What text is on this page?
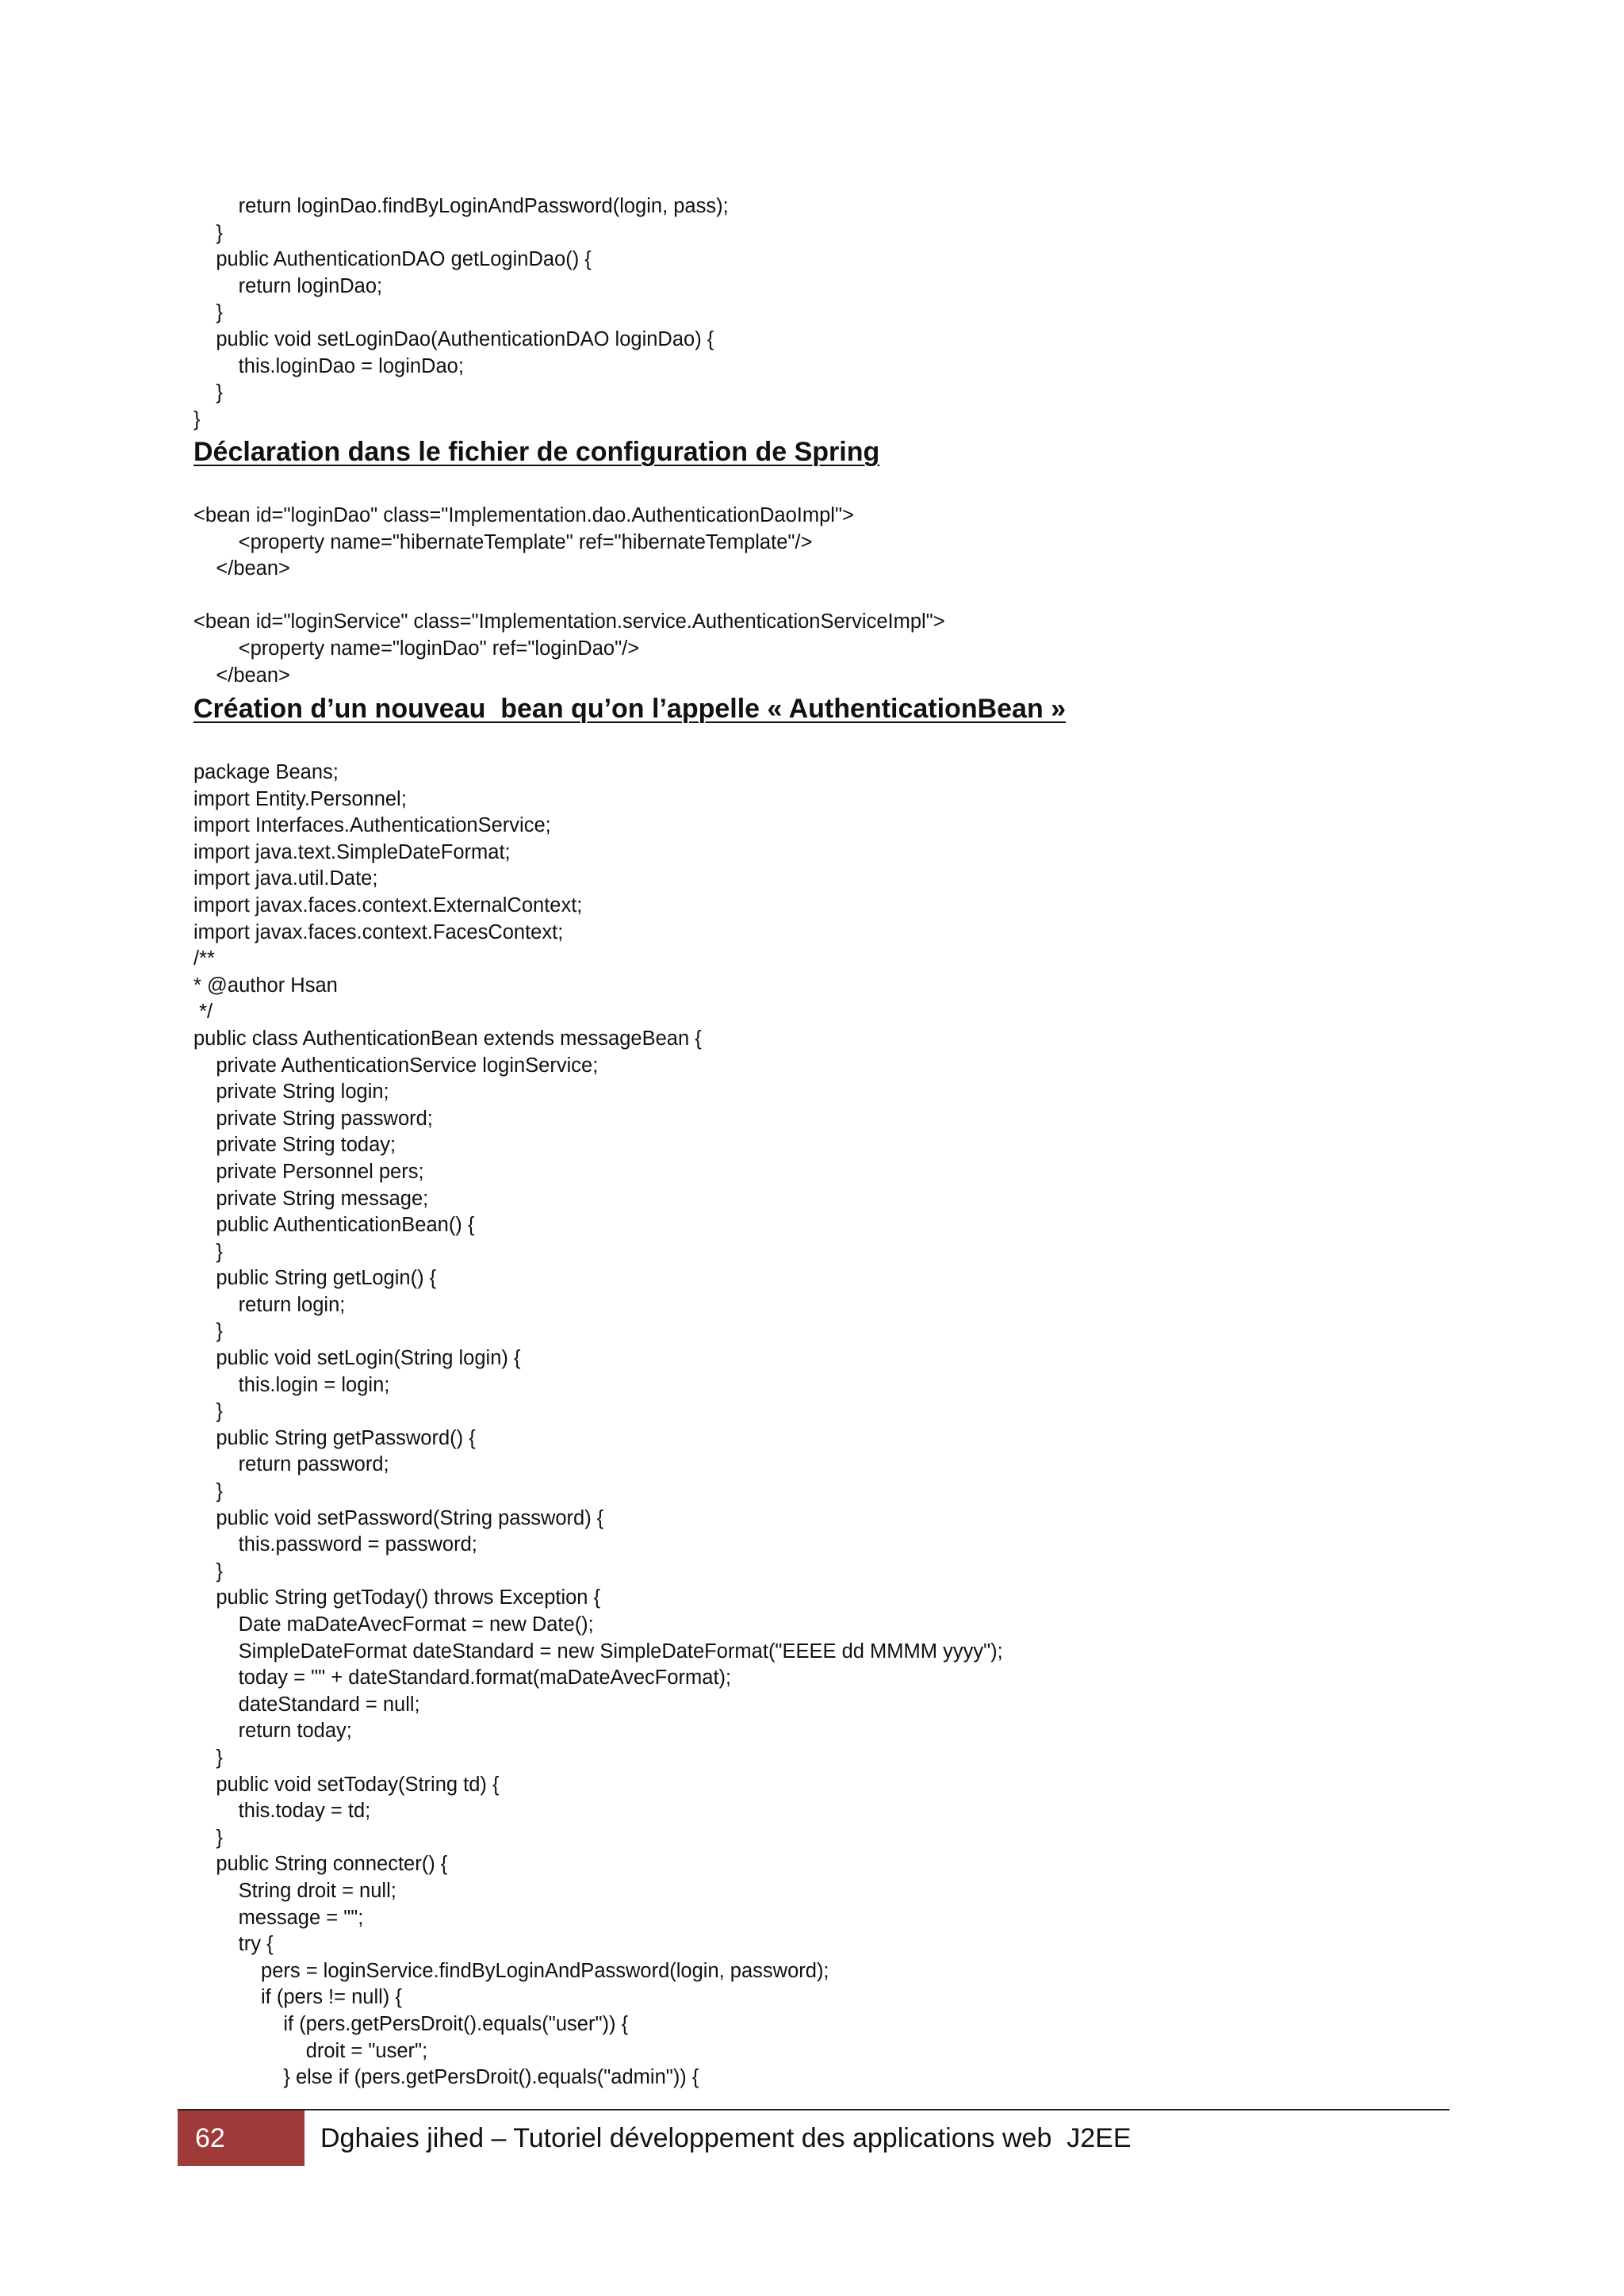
return loginDao.findByLoginAndPassword(login, pass);
}
public AuthenticationDAO getLoginDao() {
return loginDao;
}
public void setLoginDao(AuthenticationDAO loginDao) {
this.loginDao = loginDao;
}
}
Déclaration dans le fichier de configuration de Spring
<bean id="loginDao" class="Implementation.dao.AuthenticationDaoImpl">
<property name="hibernateTemplate" ref="hibernateTemplate"/>
</bean>
<bean id="loginService" class="Implementation.service.AuthenticationServiceImpl">
<property name="loginDao" ref="loginDao"/>
</bean>
Création d’un nouveau  bean qu’on l’appelle « AuthenticationBean »
package Beans;
import Entity.Personnel;
import Interfaces.AuthenticationService;
import java.text.SimpleDateFormat;
import java.util.Date;
import javax.faces.context.ExternalContext;
import javax.faces.context.FacesContext;
/**
* @author Hsan
*/
public class AuthenticationBean extends messageBean {
private AuthenticationService loginService;
private String login;
private String password;
private String today;
private Personnel pers;
private String message;
public AuthenticationBean() {
}
public String getLogin() {
return login;
}
public void setLogin(String login) {
this.login = login;
}
public String getPassword() {
return password;
}
public void setPassword(String password) {
this.password = password;
}
public String getToday() throws Exception {
Date maDateAvecFormat = new Date();
SimpleDateFormat dateStandard = new SimpleDateFormat("EEEE dd MMMM yyyy");
today = "" + dateStandard.format(maDateAvecFormat);
dateStandard = null;
return today;
}
public void setToday(String td) {
this.today = td;
}
public String connecter() {
String droit = null;
message = "";
try {
pers = loginService.findByLoginAndPassword(login, password);
if (pers != null) {
if (pers.getPersDroit().equals("user")) {
droit = "user";
} else if (pers.getPersDroit().equals("admin")) {
62	Dghaies jihed – Tutoriel développement des applications web  J2EE
